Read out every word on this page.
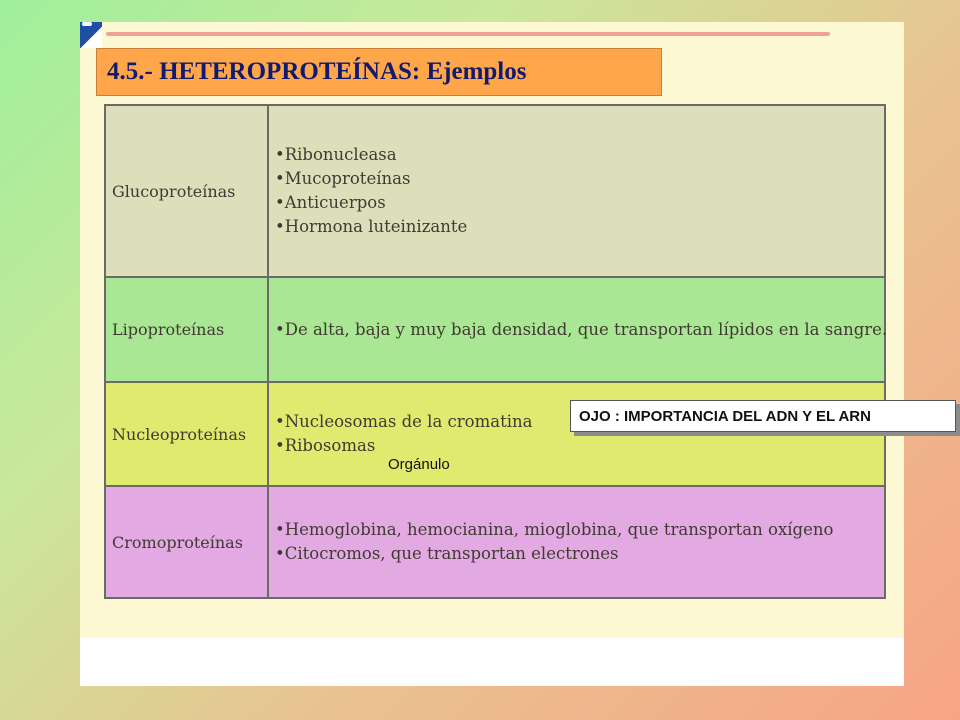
4.5.- HETEROPROTEÍNAS: Ejemplos
Glucoproteínas	•Ribonucleasa
•Mucoproteínas
•Anticuerpos
•Hormona luteinizante

Lipoproteínas	•De alta, baja y muy baja densidad, que transportan lípidos en la sangre.

Nucleoproteínas	•Nucleosomas de la cromatina
•Ribosomas

Cromoproteínas	•Hemoglobina, hemocianina, mioglobina, que transportan oxígeno
•Citocromos, que transportan electrones
OJO : IMPORTANCIA DEL ADN Y EL ARN
Orgánulo
